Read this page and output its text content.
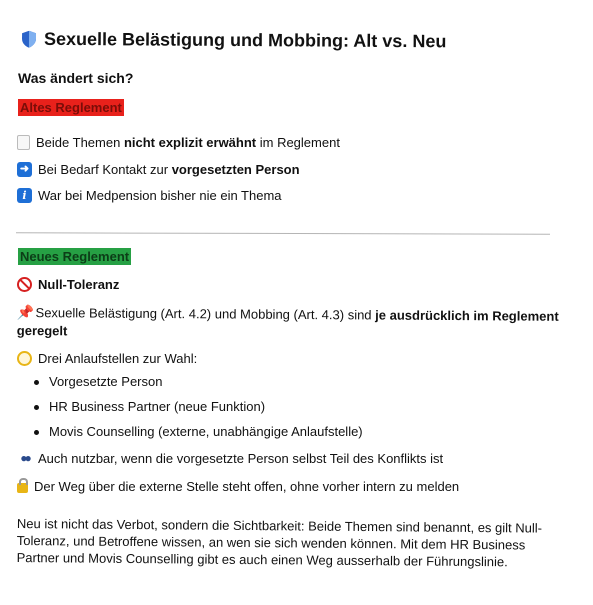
Sexuelle Belästigung und Mobbing: Alt vs. Neu
Was ändert sich?
Altes Reglement
Beide Themen nicht explizit erwähnt im Reglement
➜ Bei Bedarf Kontakt zur vorgesetzten Person
i War bei Medpension bisher nie ein Thema
Neues Reglement
Null-Toleranz
📌 Sexuelle Belästigung (Art. 4.2) und Mobbing (Art. 4.3) sind je ausdrücklich im Reglement
geregelt
Drei Anlaufstellen zur Wahl:
Vorgesetzte Person
HR Business Partner (neue Funktion)
Movis Counselling (externe, unabhängige Anlaufstelle)
●● Auch nutzbar, wenn die vorgesetzte Person selbst Teil des Konflikts ist
Der Weg über die externe Stelle steht offen, ohne vorher intern zu melden
Neu ist nicht das Verbot, sondern die Sichtbarkeit: Beide Themen sind benannt, es gilt Null-
Toleranz, und Betroffene wissen, an wen sie sich wenden können. Mit dem HR Business
Partner und Movis Counselling gibt es auch einen Weg ausserhalb der Führungslinie.
